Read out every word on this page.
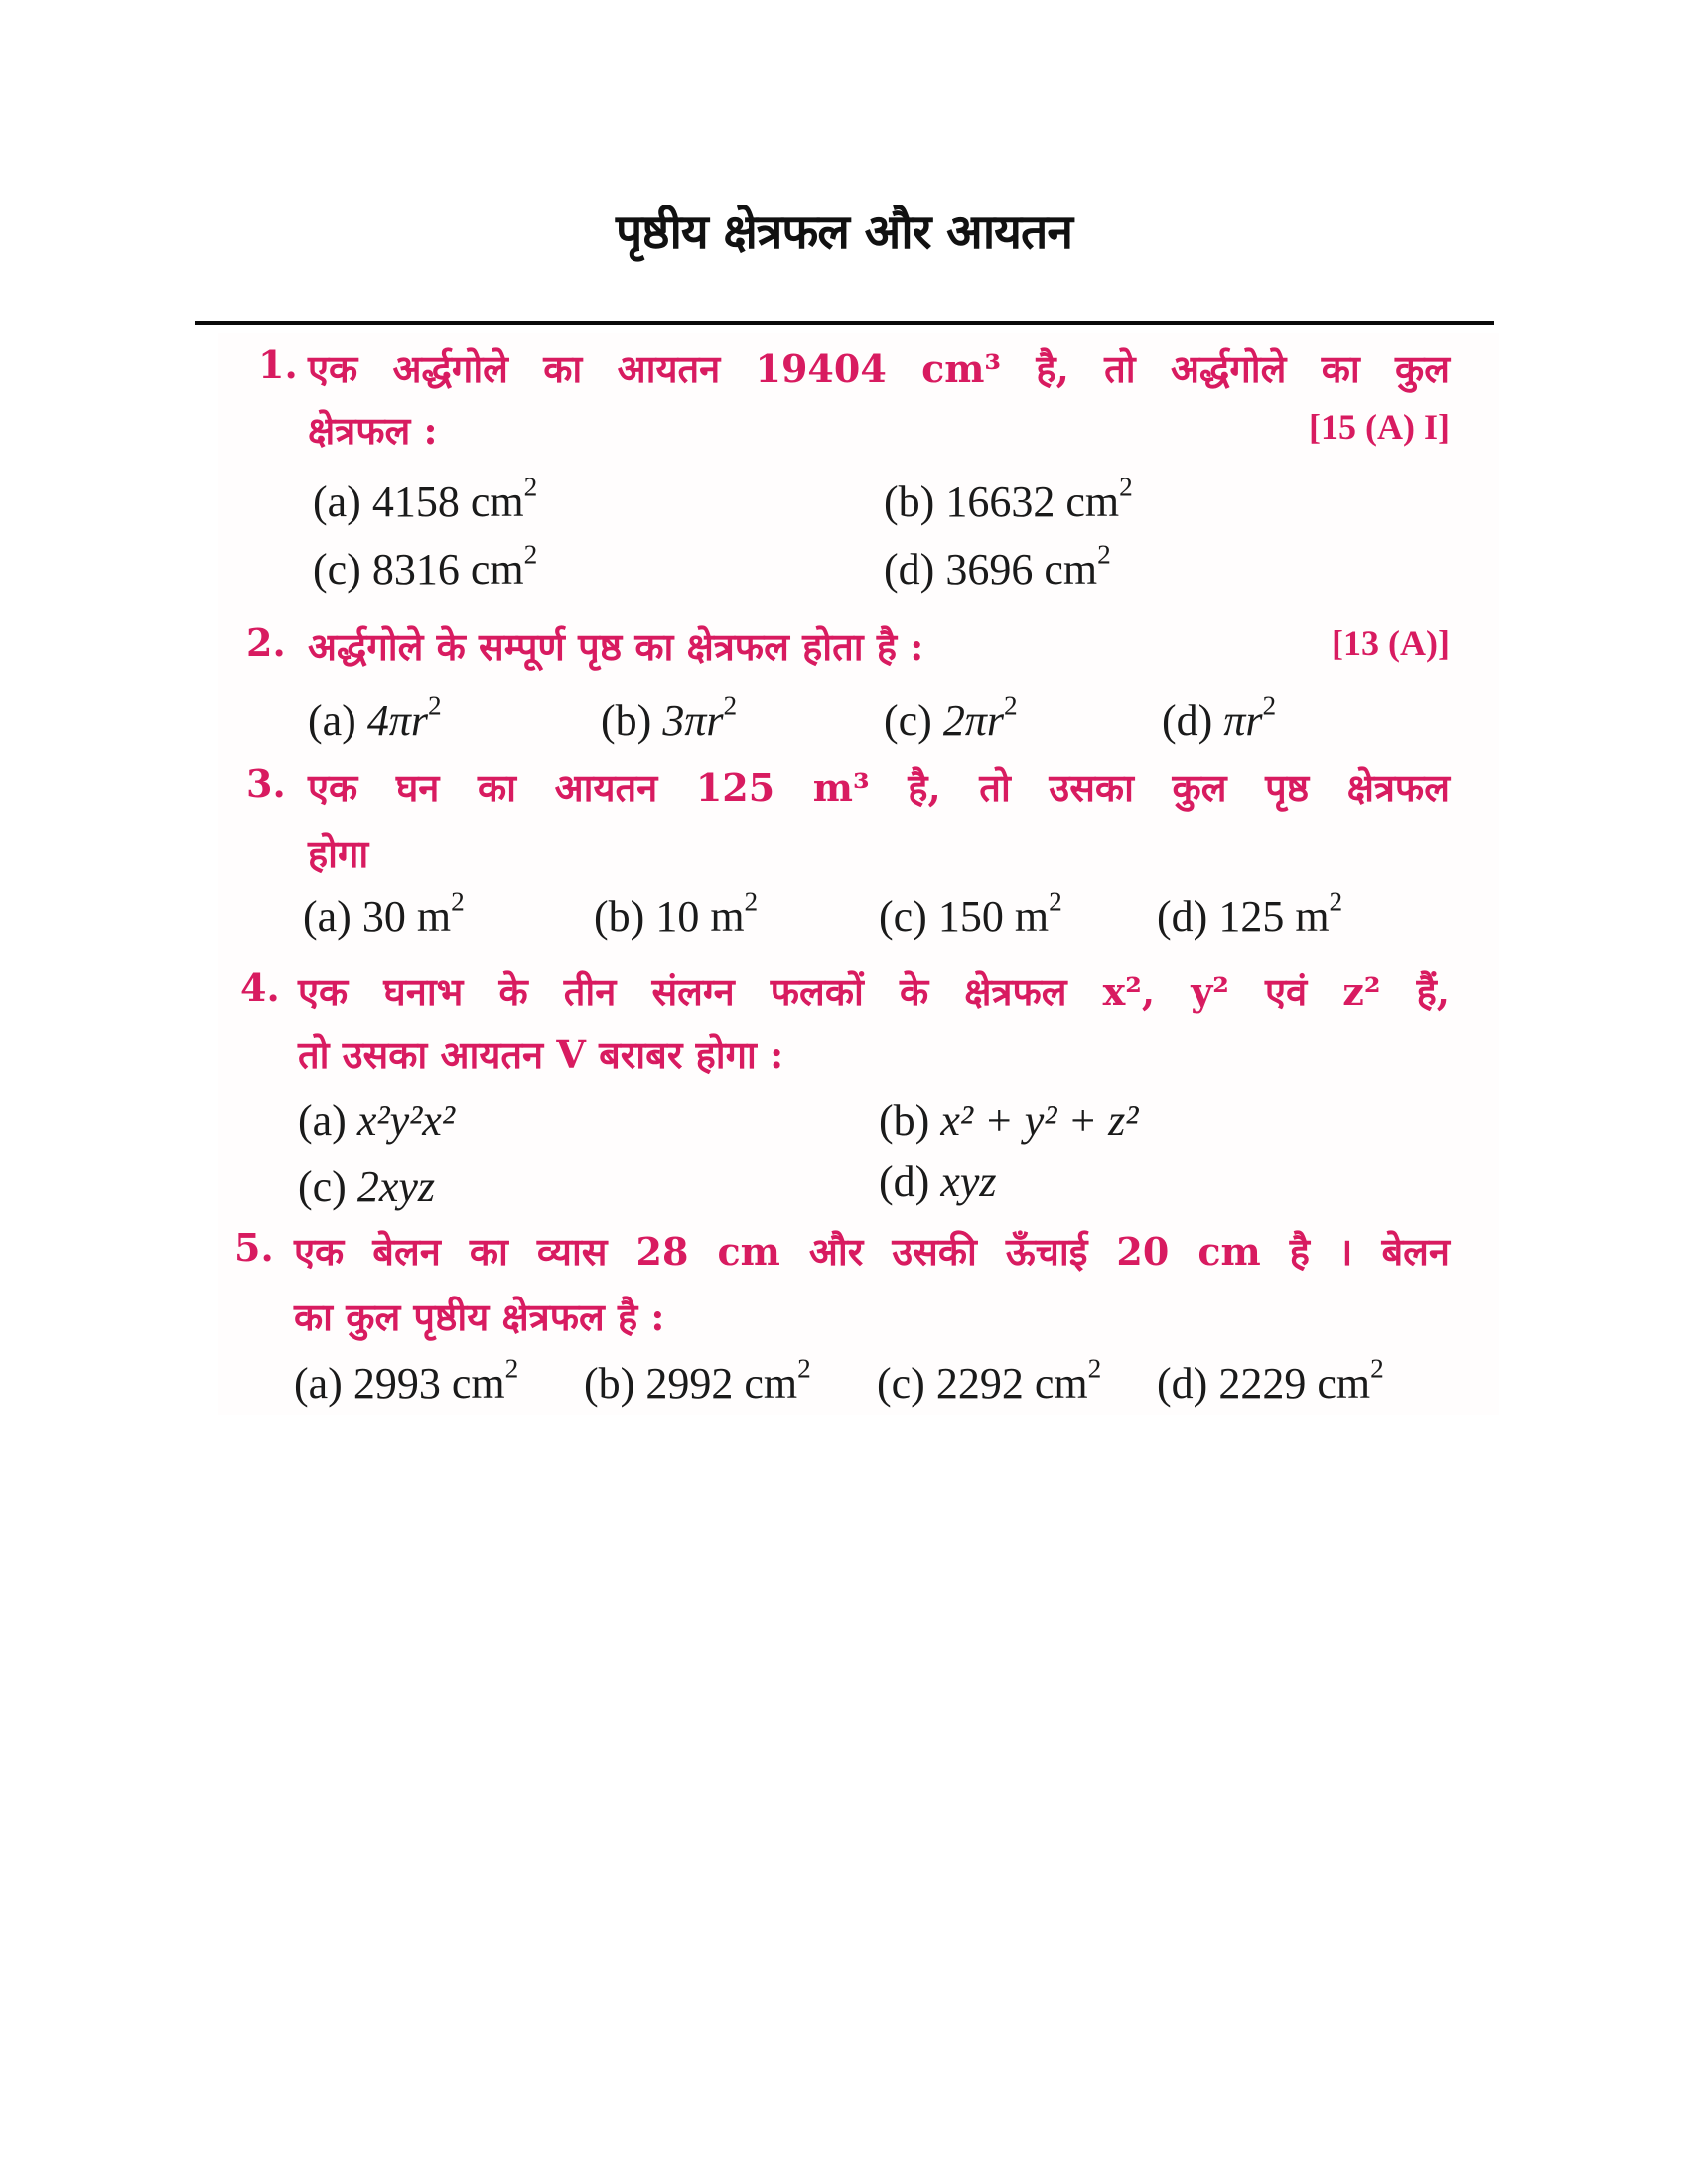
पृष्ठीय क्षेत्रफल और आयतन
1. एक अर्द्धगोले का आयतन 19404 cm³ है, तो अर्द्धगोले का कुल
क्षेत्रफल :	[15 (A) I]
(a) 4158 $cm^2$	(b) 16632 $cm^2$
(c) 8316 $cm^2$	(d) 3696 $cm^2$
2. अर्द्धगोले के सम्पूर्ण पृष्ठ का क्षेत्रफल होता है :	[13 (A)]
(a) $4\pi r^2$	(b) $3\pi r^2$	(c) $2\pi r^2$	(d) $\pi r^2$
3. एक घन का आयतन 125 m³ है, तो उसका कुल पृष्ठ क्षेत्रफल
होगा
(a) 30 $m^2$	(b) 10 $m^2$	(c) 150 $m^2$ (d) 125 $m^2$
4. एक घनाभ के तीन संलग्न फलकों के क्षेत्रफल x², y² एवं z² हैं,
तो उसका आयतन V बराबर होगा :
(a) x²y²x²	(b) x² + y² + z²
(c) 2xyz	(d) xyz
5. एक बेलन का व्यास 28 cm और उसकी ऊँचाई 20 cm है । बेलन
का कुल पृष्ठीय क्षेत्रफल है :
(a) 2993 $cm^2$ (b) 2992 $cm^2$ (c) 2292 $cm^2$ (d) 2229 $cm^2$
